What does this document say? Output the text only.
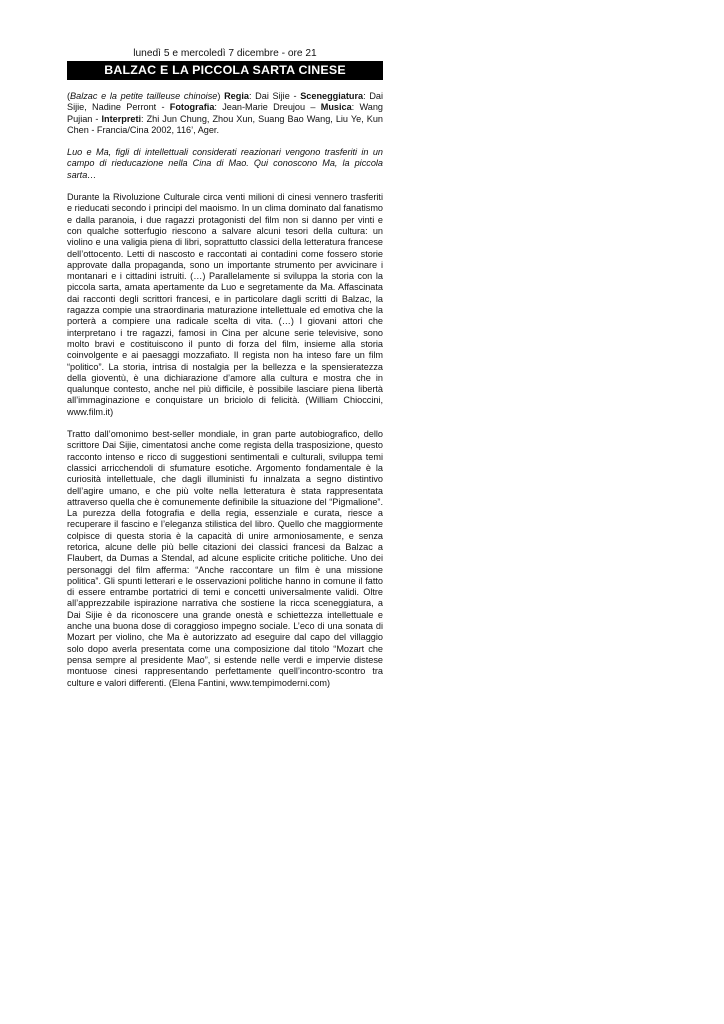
lunedì 5 e mercoledì 7 dicembre - ore 21
BALZAC E LA PICCOLA SARTA CINESE

(Balzac e la petite tailleuse chinoise) Regia: Dai Sijie - Sceneggiatura: Dai Sijie, Nadine Perront - Fotografia: Jean-Marie Dreujou – Musica: Wang Pujian - Interpreti: Zhi Jun Chung, Zhou Xun, Suang Bao Wang, Liu Ye, Kun Chen - Francia/Cina 2002, 116’, Ager.

Luo e Ma, figli di intellettuali considerati reazionari vengono trasferiti in un campo di rieducazione nella Cina di Mao. Qui conoscono Ma, la piccola sarta…

Durante la Rivoluzione Culturale circa venti milioni di cinesi vennero trasferiti e rieducati secondo i principi del maoismo. In un clima dominato dal fanatismo e dalla paranoia, i due ragazzi protagonisti del film non si danno per vinti e con qualche sotterfugio riescono a salvare alcuni tesori della cultura: un violino e una valigia piena di libri, soprattutto classici della letteratura francese dell’ottocento. Letti di nascosto e raccontati ai contadini come fossero storie approvate dalla propaganda, sono un importante strumento per avvicinare i montanari e i cittadini istruiti. (…) Parallelamente si sviluppa la storia con la piccola sarta, amata apertamente da Luo e segretamente da Ma. Affascinata dai racconti degli scrittori francesi, e in particolare dagli scritti di Balzac, la ragazza compie una straordinaria maturazione intellettuale ed emotiva che la porterà a compiere una radicale scelta di vita. (…) I giovani attori che interpretano i tre ragazzi, famosi in Cina per alcune serie televisive, sono molto bravi e costituiscono il punto di forza del film, insieme alla storia coinvolgente e ai paesaggi mozzafiato. Il regista non ha inteso fare un film “politico”. La storia, intrisa di nostalgia per la bellezza e la spensieratezza della gioventù, è una dichiarazione d’amore alla cultura e mostra che in qualunque contesto, anche nel più difficile, è possibile lasciare piena libertà all’immaginazione e conquistare un briciolo di felicità. (William Chioccini, www.film.it)

Tratto dall’omonimo best-seller mondiale, in gran parte autobiografico, dello scrittore Dai Sijie, cimentatosi anche come regista della trasposizione, questo racconto intenso e ricco di suggestioni sentimentali e culturali, sviluppa temi classici arricchendoli di sfumature esotiche. Argomento fondamentale è la curiosità intellettuale, che dagli illuministi fu innalzata a segno distintivo dell’agire umano, e che più volte nella letteratura è stata rappresentata attraverso quella che è comunemente definibile la situazione del “Pigmalione”. La purezza della fotografia e della regia, essenziale e curata, riesce a recuperare il fascino e l’eleganza stilistica del libro. Quello che maggiormente colpisce di questa storia è la capacità di unire armoniosamente, e senza retorica, alcune delle più belle citazioni dei classici francesi da Balzac a Flaubert, da Dumas a Stendal, ad alcune esplicite critiche politiche. Uno dei personaggi del film afferma: “Anche raccontare un film è una missione politica”. Gli spunti letterari e le osservazioni politiche hanno in comune il fatto di essere entrambe portatrici di temi e concetti universalmente validi. Oltre all’apprezzabile ispirazione narrativa che sostiene la ricca sceneggiatura, a Dai Sijie è da riconoscere una grande onestà e schiettezza intellettuale e anche una buona dose di coraggioso impegno sociale. L’eco di una sonata di Mozart per violino, che Ma è autorizzato ad eseguire dal capo del villaggio solo dopo averla presentata come una composizione dal titolo “Mozart che pensa sempre al presidente Mao”, si estende nelle verdi e impervie distese montuose cinesi rappresentando perfettamente quell’incontro-scontro tra culture e valori differenti. (Elena Fantini, www.tempimoderni.com)
